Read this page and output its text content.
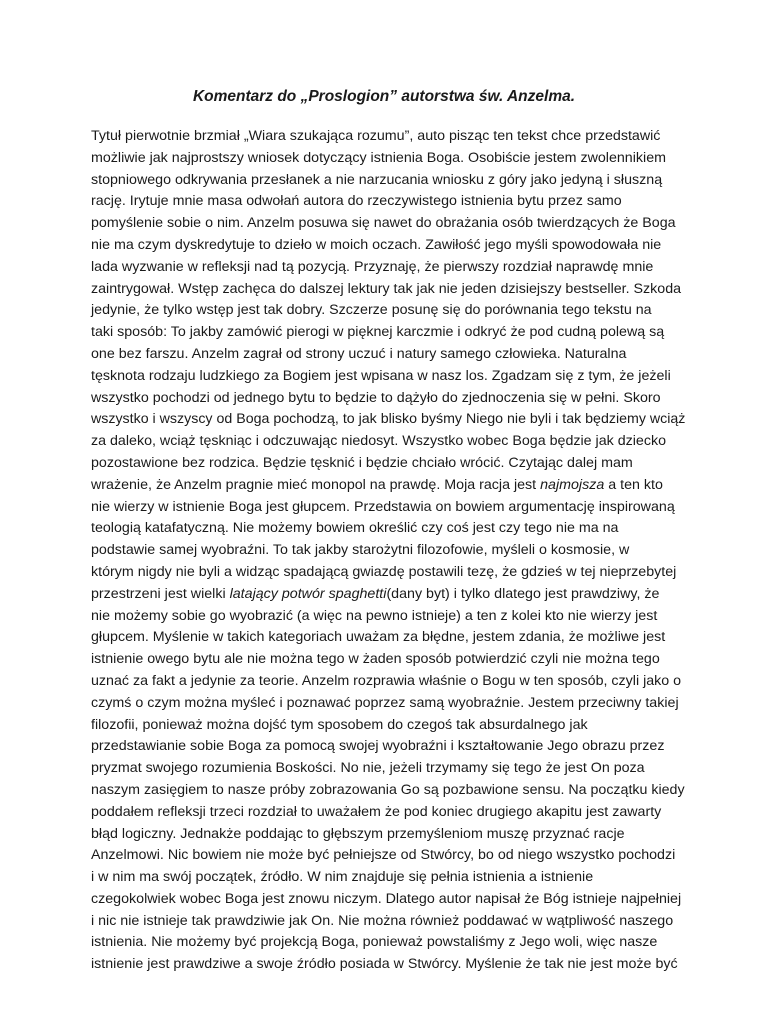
Komentarz do „Proslogion” autorstwa św. Anzelma.
Tytuł pierwotnie brzmiał „Wiara szukająca rozumu”, auto pisząc ten tekst chce przedstawić
możliwie jak najprostszy wniosek dotyczący istnienia Boga. Osobiście jestem zwolennikiem
stopniowego odkrywania przesłanek a nie narzucania wniosku z góry jako jedyną i słuszną
rację. Irytuje mnie masa odwołań autora do rzeczywistego istnienia bytu przez samo
pomyślenie sobie o nim. Anzelm posuwa się nawet do obrażania osób twierdzących że Boga
nie ma czym dyskredytuje to dzieło w moich oczach. Zawiłość jego myśli spowodowała nie
lada wyzwanie w refleksji nad tą pozycją. Przyznaję, że pierwszy rozdział naprawdę mnie
zaintrygował. Wstęp zachęca do dalszej lektury tak jak nie jeden dzisiejszy bestseller. Szkoda
jedynie, że tylko wstęp jest tak dobry. Szczerze posunę się do porównania tego tekstu na
taki sposób: To jakby zamówić pierogi w pięknej karczmie i odkryć że pod cudną polewą są
one bez farszu. Anzelm zagrał od strony uczuć i natury samego człowieka. Naturalna
tęsknota rodzaju ludzkiego za Bogiem jest wpisana w nasz los. Zgadzam się z tym, że jeżeli
wszystko pochodzi od jednego bytu to będzie to dążyło do zjednoczenia się w pełni. Skoro
wszystko i wszyscy od Boga pochodzą, to jak blisko byśmy Niego nie byli i tak będziemy wciąż
za daleko, wciąż tęskniąc i odczuwając niedosyt. Wszystko wobec Boga będzie jak dziecko
pozostawione bez rodzica. Będzie tęsknić i będzie chciało wrócić. Czytając dalej mam
wrażenie, że Anzelm pragnie mieć monopol na prawdę. Moja racja jest najmojsza a ten kto
nie wierzy w istnienie Boga jest głupcem. Przedstawia on bowiem argumentację inspirowaną
teologią katafatyczną. Nie możemy bowiem określić czy coś jest czy tego nie ma na
podstawie samej wyobraźni. To tak jakby starożytni filozofowie, myśleli o kosmosie, w
którym nigdy nie byli a widząc spadającą gwiazdę postawili tezę, że gdzieś w tej nieprzebytej
przestrzeni jest wielki latający potwór spaghetti(dany byt) i tylko dlatego jest prawdziwy, że
nie możemy sobie go wyobrazić (a więc na pewno istnieje) a ten z kolei kto nie wierzy jest
głupcem. Myślenie w takich kategoriach uważam za błędne, jestem zdania, że możliwe jest
istnienie owego bytu ale nie można tego w żaden sposób potwierdzić czyli nie można tego
uznać za fakt a jedynie za teorie. Anzelm rozprawia właśnie o Bogu w ten sposób, czyli jako o
czymś o czym można myśleć i poznawać poprzez samą wyobraźnie. Jestem przeciwny takiej
filozofii, ponieważ można dojść tym sposobem do czegoś tak absurdalnego jak
przedstawianie sobie Boga za pomocą swojej wyobraźni i kształtowanie Jego obrazu przez
pryzmat swojego rozumienia Boskości. No nie, jeżeli trzymamy się tego że jest On poza
naszym zasięgiem to nasze próby zobrazowania Go są pozbawione sensu. Na początku kiedy
poddałem refleksji trzeci rozdział to uważałem że pod koniec drugiego akapitu jest zawarty
błąd logiczny. Jednakże poddając to głębszym przemyśleniom muszę przyznać racje
Anzelmowi. Nic bowiem nie może być pełniejsze od Stwórcy, bo od niego wszystko pochodzi
i w nim ma swój początek, źródło. W nim znajduje się pełnia istnienia a istnienie
czegokolwiek wobec Boga jest znowu niczym. Dlatego autor napisał że Bóg istnieje najpełniej
i nic nie istnieje tak prawdziwie jak On. Nie można również poddawać w wątpliwość naszego
istnienia. Nie możemy być projekcją Boga, ponieważ powstaliśmy z Jego woli, więc nasze
istnienie jest prawdziwe a swoje źródło posiada w Stwórcy. Myślenie że tak nie jest może być
